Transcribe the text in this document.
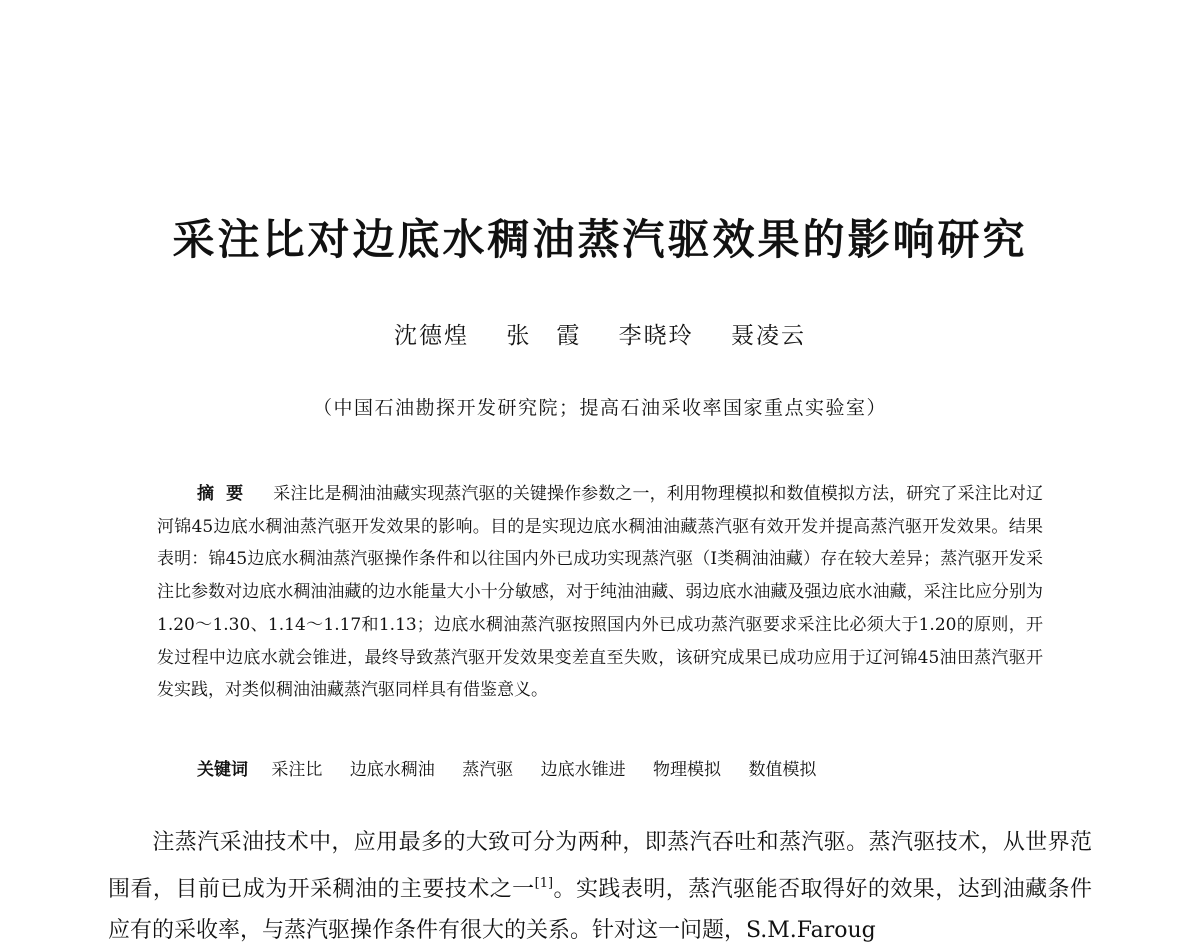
采注比对边底水稠油蒸汽驱效果的影响研究
沈德煌 张　霞 李晓玲 聂凌云
（中国石油勘探开发研究院；提高石油采收率国家重点实验室）

摘要 采注比是稠油油藏实现蒸汽驱的关键操作参数之一，利用物理模拟和数值模拟方法，研究了采注比对辽河锦45边底水稠油蒸汽驱开发效果的影响。目的是实现边底水稠油油藏蒸汽驱有效开发并提高蒸汽驱开发效果。结果表明：锦45边底水稠油蒸汽驱操作条件和以往国内外已成功实现蒸汽驱（Ⅰ类稠油油藏）存在较大差异；蒸汽驱开发采注比参数对边底水稠油油藏的边水能量大小十分敏感，对于纯油油藏、弱边底水油藏及强边底水油藏，采注比应分别为1.20～1.30、1.14～1.17和1.13；边底水稠油蒸汽驱按照国内外已成功蒸汽驱要求采注比必须大于1.20的原则，开发过程中边底水就会锥进，最终导致蒸汽驱开发效果变差直至失败，该研究成果已成功应用于辽河锦45油田蒸汽驱开发实践，对类似稠油油藏蒸汽驱同样具有借鉴意义。

关键词 采注比 边底水稠油 蒸汽驱 边底水锥进 物理模拟 数值模拟

注蒸汽采油技术中，应用最多的大致可分为两种，即蒸汽吞吐和蒸汽驱。蒸汽驱技术，从世界范围看，目前已成为开采稠油的主要技术之一[1]。实践表明，蒸汽驱能否取得好的效果，达到油藏条件应有的采收率，与蒸汽驱操作条件有很大的关系。针对这一问题，S.M.Faroug
